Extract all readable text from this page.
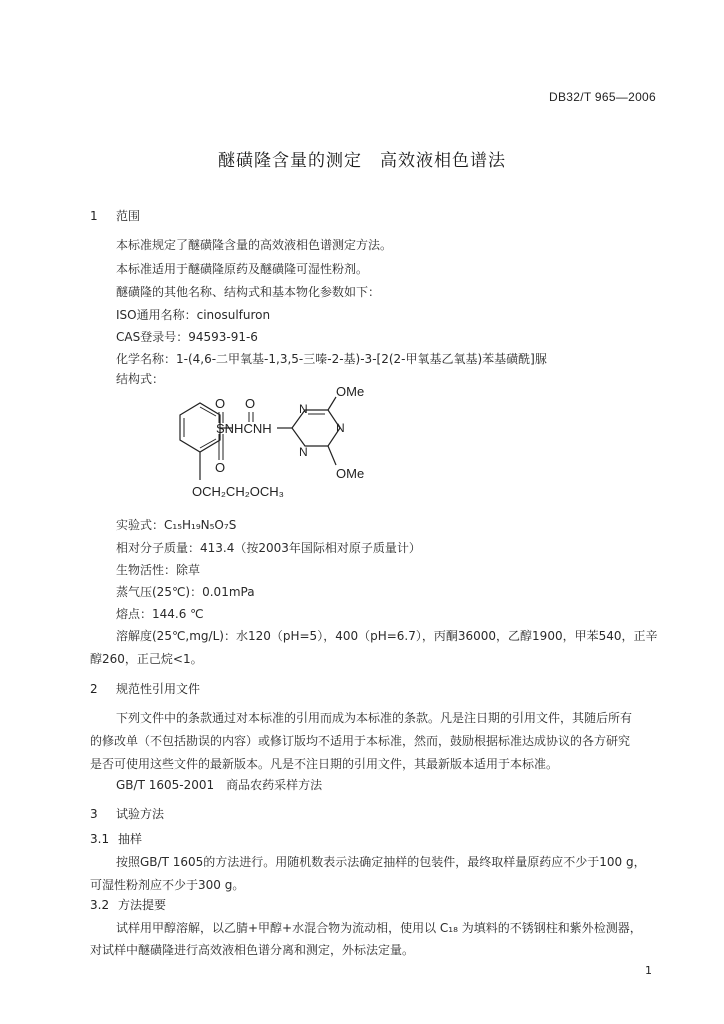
DB32/T 965—2006
醚磺隆含量的测定　高效液相色谱法
1 范围
本标准规定了醚磺隆含量的高效液相色谱测定方法。
本标准适用于醚磺隆原药及醚磺隆可湿性粉剂。
醚磺隆的其他名称、结构式和基本物化参数如下：
ISO通用名称：cinosulfuron
CAS登录号：94593-91-6
化学名称：1-(4,6-二甲氧基-1,3,5-三嗪-2-基)-3-[2(2-甲氧基乙氧基)苯基磺酰]脲
结构式：
O
O
SNHCNH
O	N
N
N
OMe
OMe
OCH₂CH₂OCH₃
实验式：C₁₅H₁₉N₅O₇S
相对分子质量：413.4（按2003年国际相对原子质量计）
生物活性：除草
蒸气压(25℃)：0.01mPa
熔点：144.6 ℃
溶解度(25℃,mg/L)：水120（pH=5），400（pH=6.7），丙酮36000，乙醇1900，甲苯540，正辛
醇260，正己烷<1。
2 规范性引用文件
下列文件中的条款通过对本标准的引用而成为本标准的条款。凡是注日期的引用文件，其随后所有
的修改单（不包括勘误的内容）或修订版均不适用于本标准，然而，鼓励根据标准达成协议的各方研究
是否可使用这些文件的最新版本。凡是不注日期的引用文件，其最新版本适用于本标准。
GB/T 1605-2001　商品农药采样方法
3 试验方法
3.1 抽样
按照GB/T 1605的方法进行。用随机数表示法确定抽样的包装件，最终取样量原药应不少于100 g，
可湿性粉剂应不少于300 g。
3.2 方法提要
试样用甲醇溶解，以乙腈+甲醇+水混合物为流动相，使用以 C₁₈ 为填料的不锈钢柱和紫外检测器，
对试样中醚磺隆进行高效液相色谱分离和测定，外标法定量。
1
